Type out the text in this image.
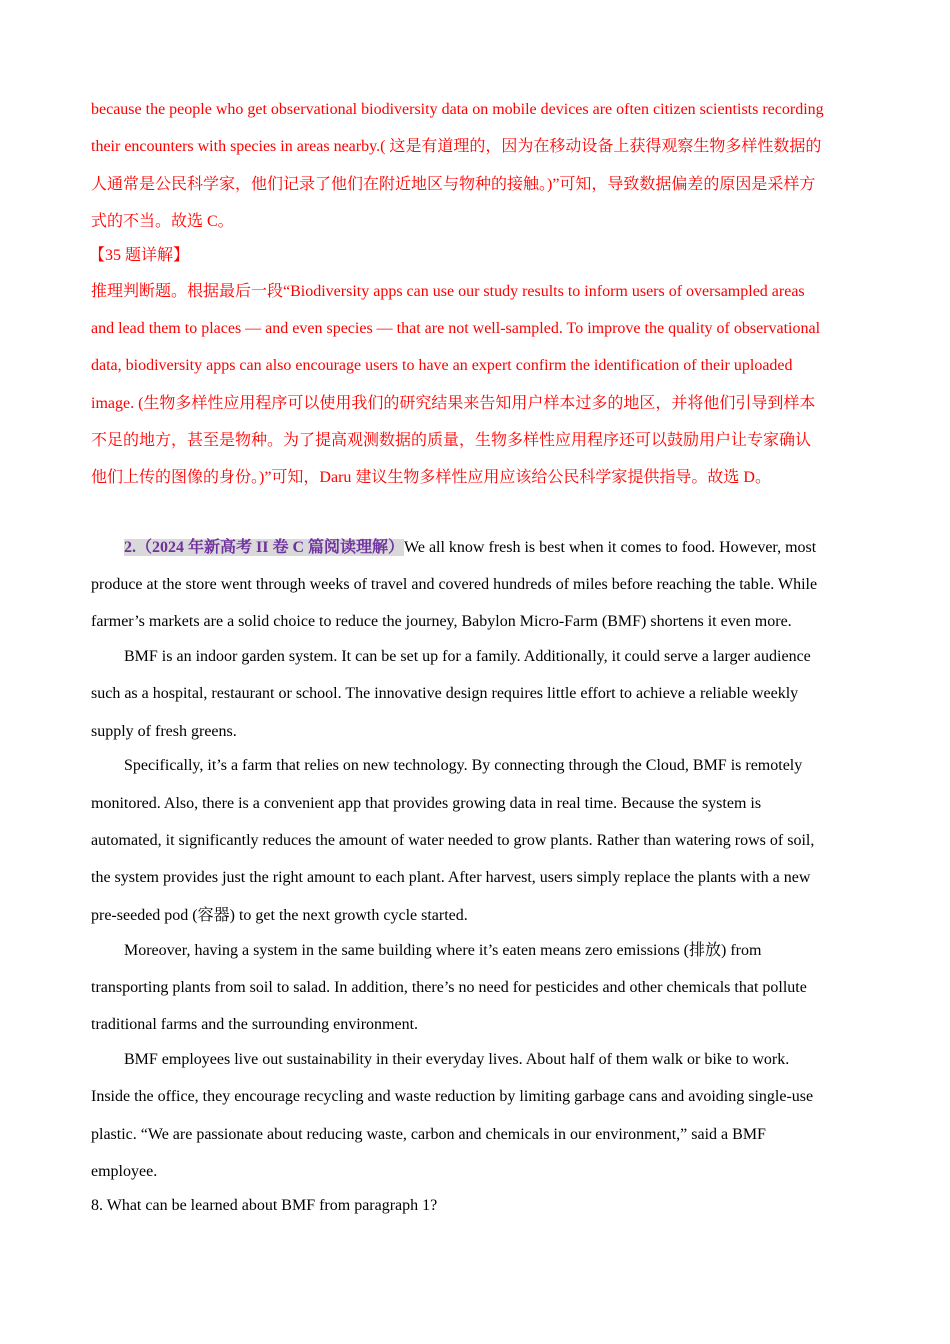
because the people who get observational biodiversity data on mobile devices are often citizen scientists recording
their encounters with species in areas nearby.( 这是有道理的，因为在移动设备上获得观察生物多样性数据的
人通常是公民科学家，他们记录了他们在附近地区与物种的接触。)”可知，导致数据偏差的原因是采样方
式的不当。故选 C。
【35 题详解】
推理判断题。根据最后一段“Biodiversity apps can use our study results to inform users of oversampled areas
and lead them to places — and even species — that are not well-sampled. To improve the quality of observational
data, biodiversity apps can also encourage users to have an expert confirm the identification of their uploaded
image. (生物多样性应用程序可以使用我们的研究结果来告知用户样本过多的地区，并将他们引导到样本
不足的地方，甚至是物种。为了提高观测数据的质量，生物多样性应用程序还可以鼓励用户让专家确认
他们上传的图像的身份。)”可知，Daru 建议生物多样性应用应该给公民科学家提供指导。故选 D。
2.（2024 年新高考 II 卷 C 篇阅读理解）We all know fresh is best when it comes to food. However, most
produce at the store went through weeks of travel and covered hundreds of miles before reaching the table. While
farmer’s markets are a solid choice to reduce the journey, Babylon Micro-Farm (BMF) shortens it even more.
BMF is an indoor garden system. It can be set up for a family. Additionally, it could serve a larger audience
such as a hospital, restaurant or school. The innovative design requires little effort to achieve a reliable weekly
supply of fresh greens.
Specifically, it’s a farm that relies on new technology. By connecting through the Cloud, BMF is remotely
monitored. Also, there is a convenient app that provides growing data in real time. Because the system is
automated, it significantly reduces the amount of water needed to grow plants. Rather than watering rows of soil,
the system provides just the right amount to each plant. After harvest, users simply replace the plants with a new
pre-seeded pod (容器) to get the next growth cycle started.
Moreover, having a system in the same building where it’s eaten means zero emissions (排放) from
transporting plants from soil to salad. In addition, there’s no need for pesticides and other chemicals that pollute
traditional farms and the surrounding environment.
BMF employees live out sustainability in their everyday lives. About half of them walk or bike to work.
Inside the office, they encourage recycling and waste reduction by limiting garbage cans and avoiding single-use
plastic. “We are passionate about reducing waste, carbon and chemicals in our environment,” said a BMF
employee.
8. What can be learned about BMF from paragraph 1?
